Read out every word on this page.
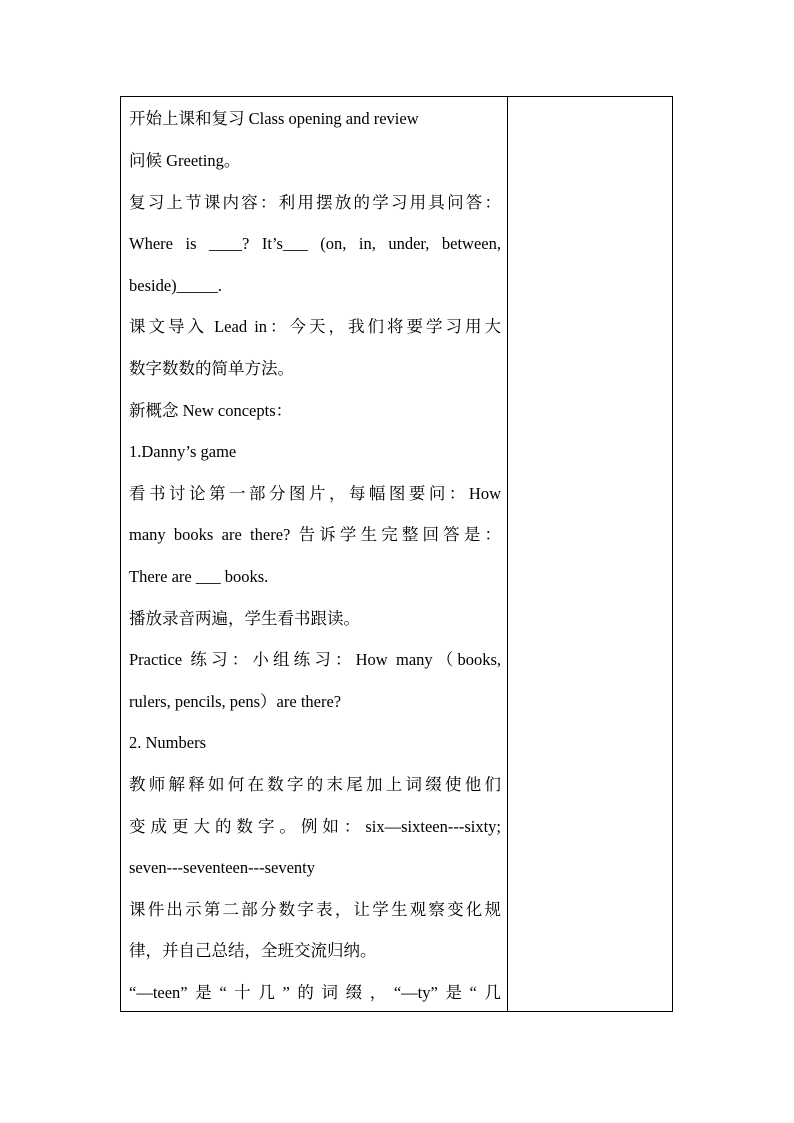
开始上课和复习 Class opening and review
问候 Greeting。
复习上节课内容：利用摆放的学习用具问答：
Where is ____? It’s___ (on, in, under, between,
beside)_____.
课文导入 Lead in：今天，我们将要学习用大
数字数数的简单方法。
新概念 New concepts：
1.Danny’s game
看书讨论第一部分图片，每幅图要问：How
many books are there? 告诉学生完整回答是：
There are ___ books.
播放录音两遍，学生看书跟读。
Practice 练习：小组练习：How many（books,
rulers, pencils, pens）are there?
2. Numbers
教师解释如何在数字的末尾加上词缀使他们
变成更大的数字。例如：six—sixteen---sixty;
seven---seventeen---seventy
课件出示第二部分数字表，让学生观察变化规
律，并自己总结，全班交流归纳。
“—teen”是“十几”的词缀，“—ty”是“几
